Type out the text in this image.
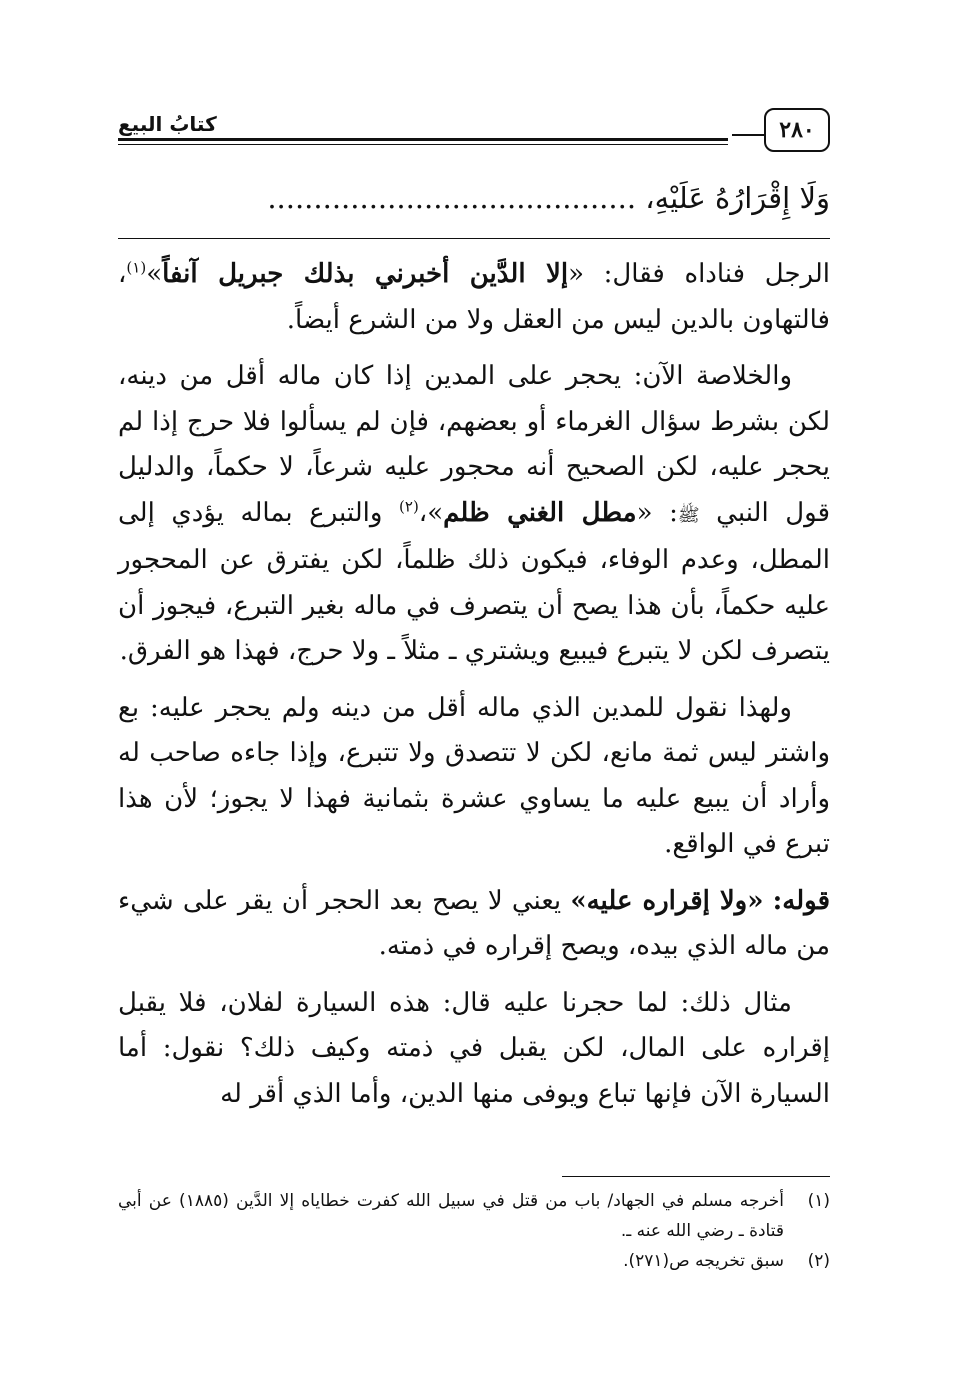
٢٨٠
كتابُ البيع
وَلَا إِقْرَارُهُ عَلَيْهِ، ........................................

الرجل فناداه فقال: «إلا الدَّين أخبرني بذلك جبريل آنفاً»$^{(١)}$، فالتهاون بالدين ليس من العقل ولا من الشرع أيضاً.

والخلاصة الآن: يحجر على المدين إذا كان ماله أقل من دينه، لكن بشرط سؤال الغرماء أو بعضهم، فإن لم يسألوا فلا حرج إذا لم يحجر عليه، لكن الصحيح أنه محجور عليه شرعاً، لا حكماً، والدليل قول النبي ﷺ: «مطل الغني ظلم»،$^{(٢)}$ والتبرع بماله يؤدي إلى المطل، وعدم الوفاء، فيكون ذلك ظلماً، لكن يفترق عن المحجور عليه حكماً، بأن هذا يصح أن يتصرف في ماله بغير التبرع، فيجوز أن يتصرف لكن لا يتبرع فيبيع ويشتري ـ مثلاً ـ ولا حرج، فهذا هو الفرق.

ولهذا نقول للمدين الذي ماله أقل من دينه ولم يحجر عليه: بع واشتر ليس ثمة مانع، لكن لا تتصدق ولا تتبرع، وإذا جاءه صاحب له وأراد أن يبيع عليه ما يساوي عشرة بثمانية فهذا لا يجوز؛ لأن هذا تبرع في الواقع.

قوله: «ولا إقراره عليه» يعني لا يصح بعد الحجر أن يقر على شيء من ماله الذي بيده، ويصح إقراره في ذمته.

مثال ذلك: لما حجرنا عليه قال: هذه السيارة لفلان، فلا يقبل إقراره على المال، لكن يقبل في ذمته وكيف ذلك؟ نقول: أما السيارة الآن فإنها تباع ويوفى منها الدين، وأما الذي أقر له

(١)
أخرجه مسلم في الجهاد/ باب من قتل في سبيل الله كفرت خطاياه إلا الدَّين (١٨٨٥) عن أبي قتادة ـ رضي الله عنه ـ.
(٢)
سبق تخريجه ص(٢٧١).
